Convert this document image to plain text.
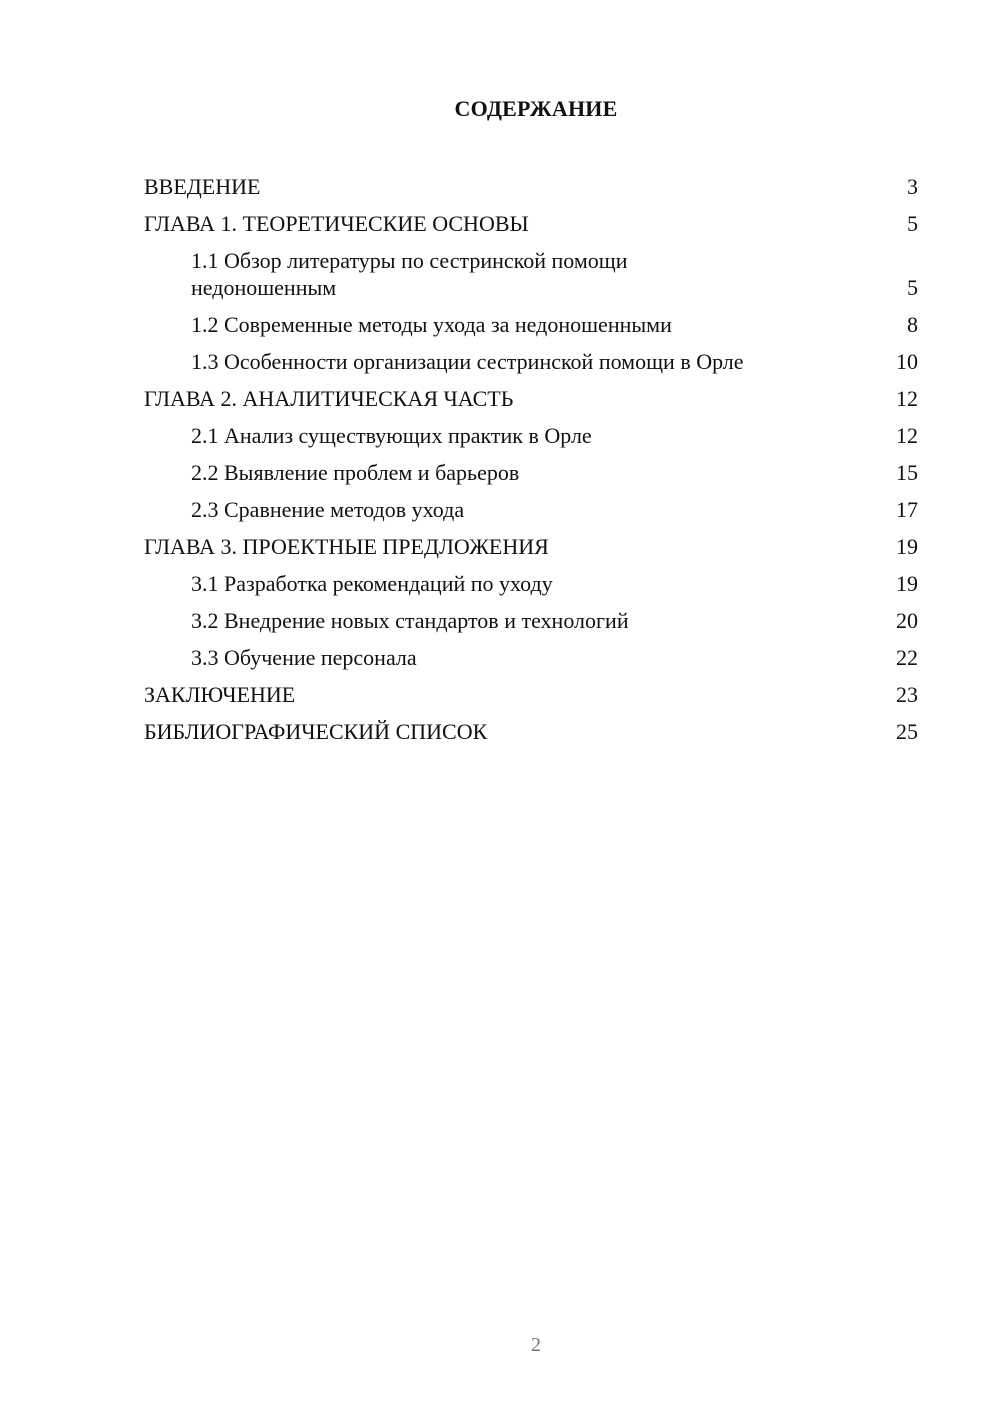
СОДЕРЖАНИЕ
ВВЕДЕНИЕ	3
ГЛАВА 1. ТЕОРЕТИЧЕСКИЕ ОСНОВЫ	5
1.1 Обзор литературы по сестринской помощи недоношенным	5
1.2 Современные методы ухода за недоношенными	8
1.3 Особенности организации сестринской помощи в Орле	10
ГЛАВА 2. АНАЛИТИЧЕСКАЯ ЧАСТЬ	12
2.1 Анализ существующих практик в Орле	12
2.2 Выявление проблем и барьеров	15
2.3 Сравнение методов ухода	17
ГЛАВА 3. ПРОЕКТНЫЕ ПРЕДЛОЖЕНИЯ	19
3.1 Разработка рекомендаций по уходу	19
3.2 Внедрение новых стандартов и технологий	20
3.3 Обучение персонала	22
ЗАКЛЮЧЕНИЕ	23
БИБЛИОГРАФИЧЕСКИЙ СПИСОК	25
2
